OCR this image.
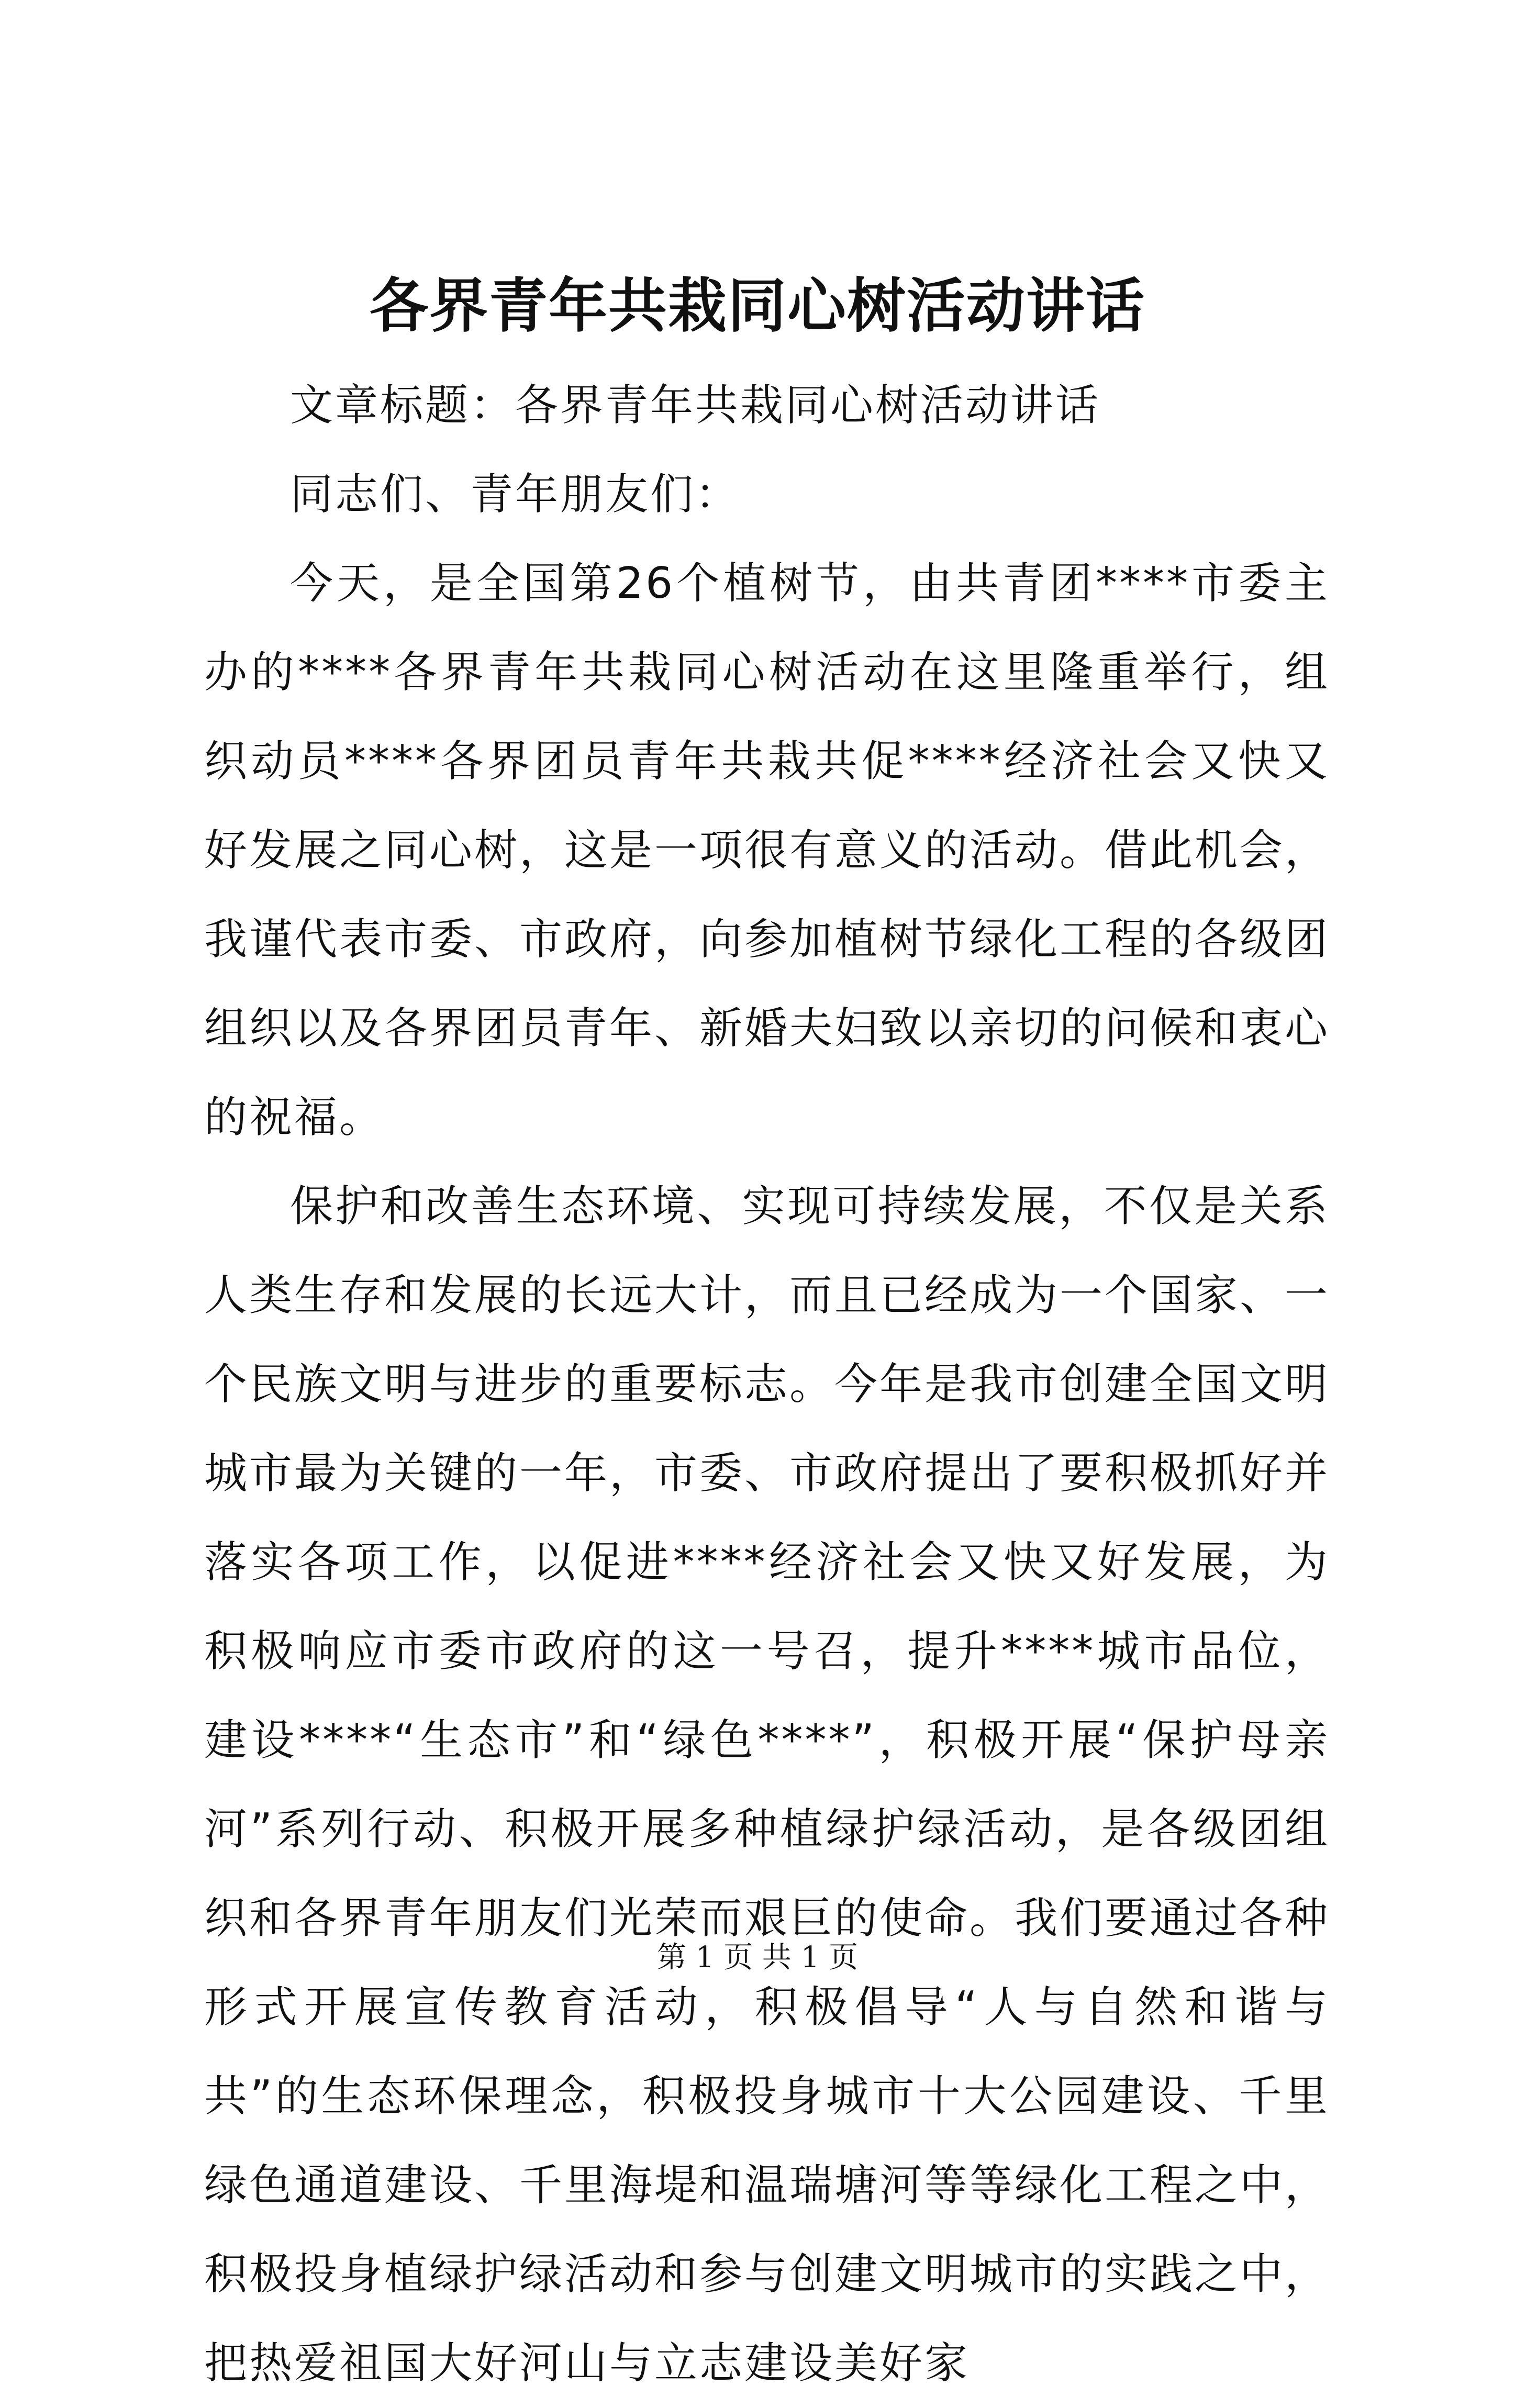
各界青年共栽同心树活动讲话

文章标题：各界青年共栽同心树活动讲话

同志们、青年朋友们：

今天，是全国第26个植树节，由共青团****市委主办的****各界青年共栽同心树活动在这里隆重举行，组织动员****各界团员青年共栽共促****经济社会又快又好发展之同心树，这是一项很有意义的活动。借此机会，我谨代表市委、市政府，向参加植树节绿化工程的各级团组织以及各界团员青年、新婚夫妇致以亲切的问候和衷心的祝福。

保护和改善生态环境、实现可持续发展，不仅是关系人类生存和发展的长远大计，而且已经成为一个国家、一个民族文明与进步的重要标志。今年是我市创建全国文明城市最为关键的一年，市委、市政府提出了要积极抓好并落实各项工作，以促进****经济社会又快又好发展，为积极响应市委市政府的这一号召，提升****城市品位，建设****“生态市”和“绿色****”，积极开展“保护母亲河”系列行动、积极开展多种植绿护绿活动，是各级团组织和各界青年朋友们光荣而艰巨的使命。我们要通过各种形式开展宣传教育活动，积极倡导“人与自然和谐与共”的生态环保理念，积极投身城市十大公园建设、千里绿色通道建设、千里海堤和温瑞塘河等等绿化工程之中，积极投身植绿护绿活动和参与创建文明城市的实践之中，把热爱祖国大好河山与立志建设美好家

第 1 页 共 1 页
